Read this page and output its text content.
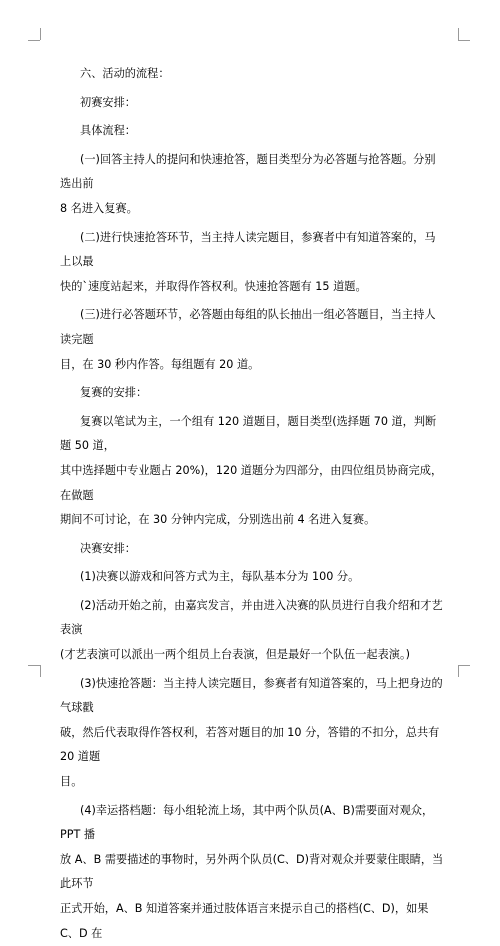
六、活动的流程：

初赛安排：

具体流程：

(一)回答主持人的提问和快速抢答，题目类型分为必答题与抢答题。分别选出前

8 名进入复赛。

(二)进行快速抢答环节，当主持人读完题目，参赛者中有知道答案的，马上以最

快的`速度站起来，并取得作答权利。快速抢答题有 15 道题。

(三)进行必答题环节，必答题由每组的队长抽出一组必答题目，当主持人读完题

目，在 30 秒内作答。每组题有 20 道。

复赛的安排：

复赛以笔试为主，一个组有 120 道题目，题目类型(选择题 70 道，判断题 50 道，

其中选择题中专业题占 20%)，120 道题分为四部分，由四位组员协商完成，在做题

期间不可讨论，在 30 分钟内完成，分别选出前 4 名进入复赛。

决赛安排：

(1)决赛以游戏和问答方式为主，每队基本分为 100 分。

(2)活动开始之前，由嘉宾发言，并由进入决赛的队员进行自我介绍和才艺表演

(才艺表演可以派出一两个组员上台表演，但是最好一个队伍一起表演。)

(3)快速抢答题：当主持人读完题目，参赛者有知道答案的，马上把身边的气球戳

破，然后代表取得作答权利，若答对题目的加 10 分，答错的不扣分，总共有 20 道题

目。

(4)幸运搭档题：每小组轮流上场，其中两个队员(A、B)需要面对观众，PPT 播

放 A、B 需要描述的事物时，另外两个队员(C、D)背对观众并要蒙住眼睛，当此环节

正式开始，A、B 知道答案并通过肢体语言来提示自己的搭档(C、D)，如果 C、D 在
